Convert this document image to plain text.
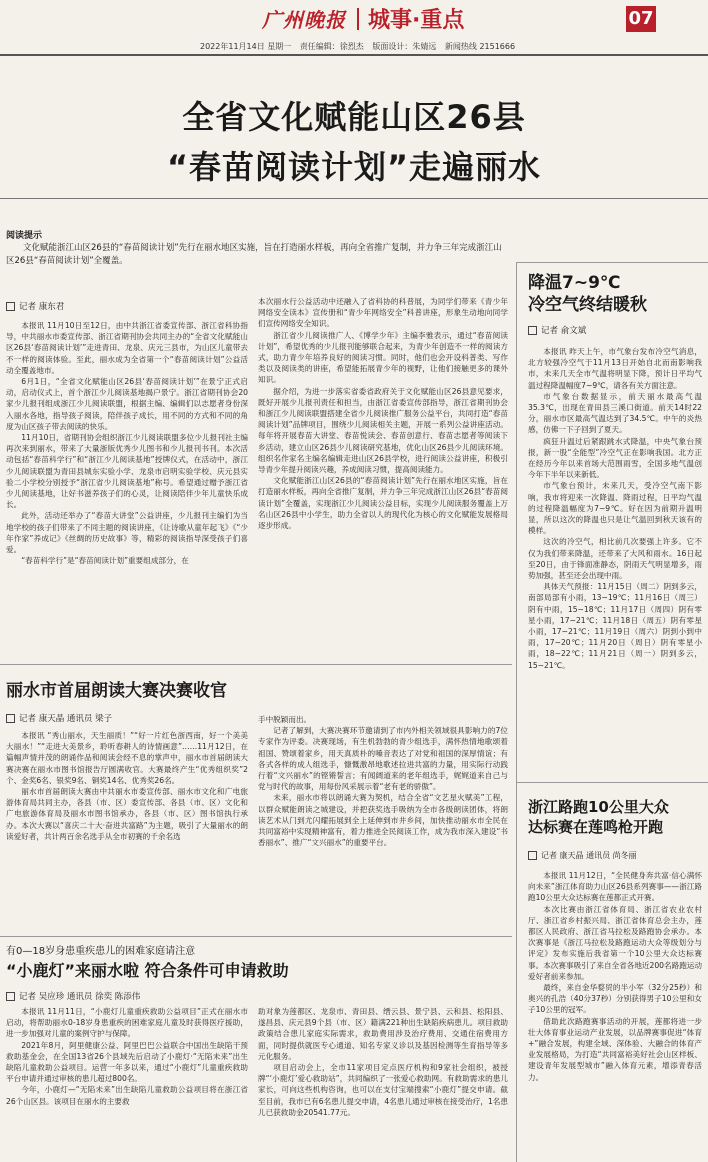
广州晚报 城事·重点	07
2022年11月14日 星期一 责任编辑：徐烈杰 版面设计：朱婧远 新闻热线 2151666
全省文化赋能山区26县
“春苗阅读计划”走遍丽水
阅读提示
文化赋能浙江山区26县的“春苗阅读计划”先行在丽水地区实施，旨在打造丽水样板，再向全省推广复制，并力争三年完成浙江山区26县“春苗阅读计划”全覆盖。
降温7~9℃
冷空气终结暖秋
记者 俞文斌

本报讯 昨天上午，市气象台发布冷空气消息，北方较强冷空气于11月13日开始自北而南影响我市，未来几天全市气温将明显下降，预计日平均气温过程降温幅度7~9℃，请各有关方面注意。

市气象台数据显示，前天丽水最高气温35.3℃，出现在青田县三溪口街道。前天14时22分，丽水市区最高气温达到了34.5℃。中午的炎热感，仿佛一下子回到了夏天。

疯狂升温过后紧跟跳水式降温，中央气象台预报，新一股“全能型”冷空气正在影响我国。北方正在经历今年以来首场大范围雨雪，全国多地气温创今年下半年以来新低。

市气象台预计，未来几天，受冷空气南下影响，我市将迎来一次降温、降雨过程，日平均气温的过程降温幅度为7~9℃。好在因为前期升温明显，所以这次的降温也只是让气温回到秋天该有的模样。

这次的冷空气，相比前几次要强上许多。它不仅为我们带来降温，还带来了大风和雨水。16日起至20日，由于锋面准静态，阴雨天气明显增多，雨势加强，甚至还会出现中雨。

具体天气预报：11月15日（周二）阴到多云，南部局部有小雨，13~19℃；11月16日（周三）阴有中雨，15~18℃；11月17日（周四）阴有零星小雨，17~21℃；11月18日（周五）阴有零星小雨，17~21℃；11月19日（周六）阴到小到中雨，17~20℃；11月20日（周日）阴有零星小雨，18~22℃；11月21日（周一）阴到多云，15~21℃。

浙江路跑10公里大众
达标赛在莲鸣枪开跑
记者 康天晶 通讯员 尚冬丽

本报讯 11月12日，“全民健身奔共富·信心满怀向未来”浙江体育助力山区26县系列赛事——浙江路跑10公里大众达标赛在莲都正式开赛。

本次比赛由浙江省体育局、浙江省农业农村厅、浙江省乡村振兴局、浙江省体育总会主办，莲都区人民政府、浙江省马拉松及路跑协会承办。本次赛事是《浙江马拉松及路跑运动大众等级划分与评定》发布实施后我省第一个10公里大众达标赛事。本次赛事吸引了来自全省各地近200名路跑运动爱好者前来参加。

最终，来自金华婺贸的半小军（32分25秒）和奥兴的孔浩（40分37秒）分别获得男子10公里和女子10公里的冠军。

借助此次路跑赛事活动的开展，莲都将进一步壮大体育事业运动产业发展，以品牌赛事促进“体育+”融合发展，构建全域、深体验、大融合的体育产业发展格局，为打造“共同富裕美好社会山区样板、建设青年发展型城市”融入体育元素，增添青春活力。

记者 康东君

本报讯 11月10日至12日，由中共浙江省委宣传部、浙江省科协指导，中共丽水市委宣传部、浙江省期刊协会共同主办的“全省文化赋能山区26县‘春苗阅读计划’”走进青田、龙泉、庆元三县市，为山区儿童带去不一样的阅读体验。至此，丽水成为全省第一个“春苗阅读计划”公益活动全覆盖地市。

6月1日，“全省文化赋能山区26县‘春苗阅读计划’”在景宁正式启动，启动仪式上，首个浙江少儿阅读基地揭户景宁。浙江省期刊协会20家少儿报刊组成浙江少儿阅读联盟，根据主编、编辑们以志愿者身份深入丽水各地，指导孩子阅读，陪伴孩子成长，用不同的方式和不同的角度为山区孩子带去阅读的快乐。

11月10日，省期刊协会组织浙江少儿阅读联盟多位少儿报刊社主编再次来到丽水，带来了大量浙版优秀少儿图书和少儿报刊书刊。本次活动包括“春苗科学行”和“浙江少儿阅读基地”授牌仪式，在活动中，浙江少儿阅读联盟为青田县城东实验小学、龙泉市启明实验学校、庆元县实验二小学校分别授予“浙江省少儿阅读基地”称号。希望通过赠予浙江省少儿阅读基地，让好书滋养孩子们的心灵，让阅读陪伴少年儿童快乐成长。

此外，活动还举办了“春苗大讲堂”公益讲座，少儿报刊主编们为当地学校的孩子们带来了不同主题的阅读讲座，《让诗歌从童年起飞》《“少年作家”养成记》《丝绸的历史故事》等，精彩的阅读指导深受孩子们喜爱。

“春苗科学行”是“春苗阅读计划”重要组成部分，在

本次丽水行公益活动中还融入了省科协的科普展，为同学们带来《青少年网络安全读本》宣传册和“青少年网络安全”科普讲座，形象生动地向同学们宣传网络安全知识。

浙江省少儿阅读推广人、《博学少年》主编李雅表示，通过“春苗阅读计划”，希望优秀的少儿报刊能够联合起来，为青少年创造不一样的阅读方式，助力青少年培养良好的阅读习惯。同时，他们也会开设科普类、写作类以及阅读类的讲座，希望能拓展青少年的视野，让他们接触更多的课外知识。

据介绍，为进一步落实省委省政府关于文化赋能山区26县意见要求，既好开展少儿报刊责任和担当，由浙江省委宣传部指导，浙江省期刊协会和浙江少儿阅读联盟搭建全省少儿阅读推广服务公益平台，共同打造“春苗阅读计划”品牌项目，围绕少儿阅读相关主题，开展一系列公益讲座活动。每年将开展春苗大讲堂、春苗悦读会、春苗创意行、春苗志愿者等阅读下乡活动，建立山区26县少儿阅读研究基地，优化山区26县少儿阅读环境。组织名作家名主编名编辑走进山区26县学校，进行阅读公益讲座，积极引导青少年提升阅读兴趣，养成阅读习惯，提高阅读能力。

文化赋能浙江山区26县的“春苗阅读计划”先行在丽水地区实施，旨在打造丽水样板，再向全省推广复制，并力争三年完成浙江山区26县“春苗阅读计划”全覆盖，实现浙江少儿阅读公益目标，实现少儿阅读服务覆盖上万名山区26县中小学生，助力全省以人的现代化为核心的文化赋能发展格局逐步形成。

丽水市首届朗读大赛决赛收官
记者 康天晶 通讯员 梁子

本报讯 “秀山丽水，天生丽质！”“好一片红色浙西南，好一个美美大丽水！”“走进大美景乡，聆听春耕人的诗情画意”……11月12日，在篇幅声情并茂的朗诵作品和阅读会经不息的掌声中，丽水市首届朗读大赛决赛在丽水市图书馆报告厅圆满收官。大赛最终产生“优秀组织奖”2个、金奖6名、银奖9名、铜奖14名、优秀奖26名。

丽水市首届朗读大赛由中共丽水市委宣传部、丽水市文化和广电旅游体育局共同主办，各县（市、区）委宣传部、各县（市、区）文化和广电旅游体育局及丽水市图书馆承办，各县（市、区）图书馆执行承办。本次大赛以“喜庆二十大·奋进共富路”为主题，吸引了大量丽水的朗读爱好者，共计两百余名选手从全市初赛的千余名选

手中脱颖而出。

记者了解到，大赛决赛环节邀请到了市内外相关领域很具影响力的7位专家作为评委。决赛现场，有生机勃勃的青少组选手，满怀热情地歌颂着祖国、赞颂着家乡，用天真质朴的嗓音表达了对党和祖国的深厚情谊；有各式各样的成人组选手，慷慨激昂地歌述拉进共富的力量，用实际行动践行着“文兴丽水”的铿锵誓言；有闻阔道来的老年组选手，娓娓道来自己与党与时代的故事，用每份风采展示着“老有老的骄傲”。

未来，丽水市将以朗诵大赛为契机，结合全省“文艺星火赋美”工程，以群众赋能朗读之城建设，并把获奖选手吸纳为全市各级朗读团体，将朗读艺术从门到尤闪耀拓展到全上延伸到市井乡间，加快推动丽水市全民在共同富裕中实现精神富有，着力推进全民阅读工作，成为我市深入建设“书香丽水”、推广“文兴丽水”的重要平台。

有0—18岁身患重疾患儿的困难家庭请注意
“小鹿灯”来丽水啦 符合条件可申请救助
记者 吴应珍 通讯员 徐奕 陈添伟

本报讯 11月11日，“小鹿灯儿童重疾救助公益项目”正式在丽水市启动，将帮助丽水0-18岁身患重疾的困难家庭儿童及时获得医疗援助，进一步加强对儿童的案例守护与保障。

2021年8月，阿里健康公益、阿里巴巴公益联合中国出生缺陷干预救助基金会，在全国13省26个县域先后启动了小鹿灯·“无陷未来”出生缺陷儿童救助公益项目。运营一年多以来，通过“小鹿灯”儿童重疾救助平台申请并通过审核的患儿超过800名。

今年，小鹿灯—“无陷未来”出生缺陷儿童救助公益项目将在浙江省26个山区县。该项目在丽水的主要救

助对象为莲都区、龙泉市、青田县、缙云县、景宁县、云和县、松阳县、遂昌县、庆元县9个县（市、区）籍满221种出生缺陷疾病患儿。项目救助政策结合患儿家庭实际需求，救助费用涉及治疗费用、交通住宿费用方面，同时提供就医专心通道、知名专家义诊以及基因检测等生育指导等多元化服务。

项目启动会上，全市11家项目定点医疗机构和9家社会组织，被授牌“‘小鹿灯’爱心救助站”，共同编织了一张爱心救助网。有救助需求的患儿家长，可向这些机构咨询，也可以在支付宝端搜索“小鹿灯”提交申请。截至目前，我市已有6名患儿提交申请，4名患儿通过审核在接受治疗，1名患儿已获救助金20541.77元。
